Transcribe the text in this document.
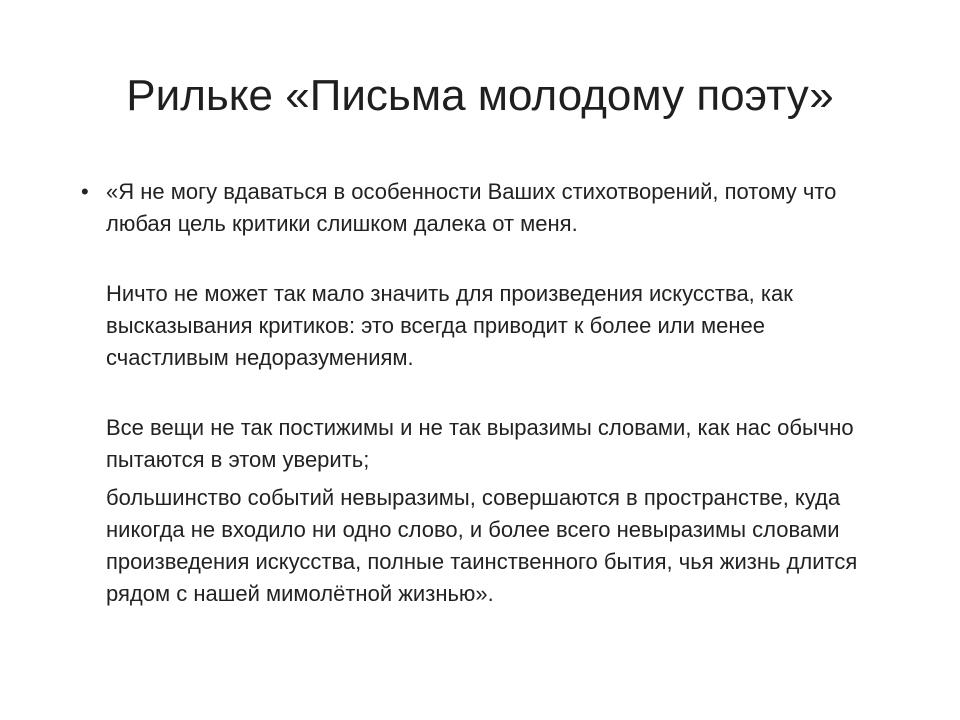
Рильке «Письма молодому поэту»
• «Я не могу вдаваться в особенности Ваших стихотворений, потому что любая цель критики слишком далека от меня.

Ничто не может так мало значить для произведения искусства, как высказывания критиков: это всегда приводит к более или менее счастливым недоразумениям.

Все вещи не так постижимы и не так выразимы словами, как нас обычно пытаются в этом уверить;

большинство событий невыразимы, совершаются в пространстве, куда никогда не входило ни одно слово, и более всего невыразимы словами произведения искусства, полные таинственного бытия, чья жизнь длится рядом с нашей мимолётной жизнью».
